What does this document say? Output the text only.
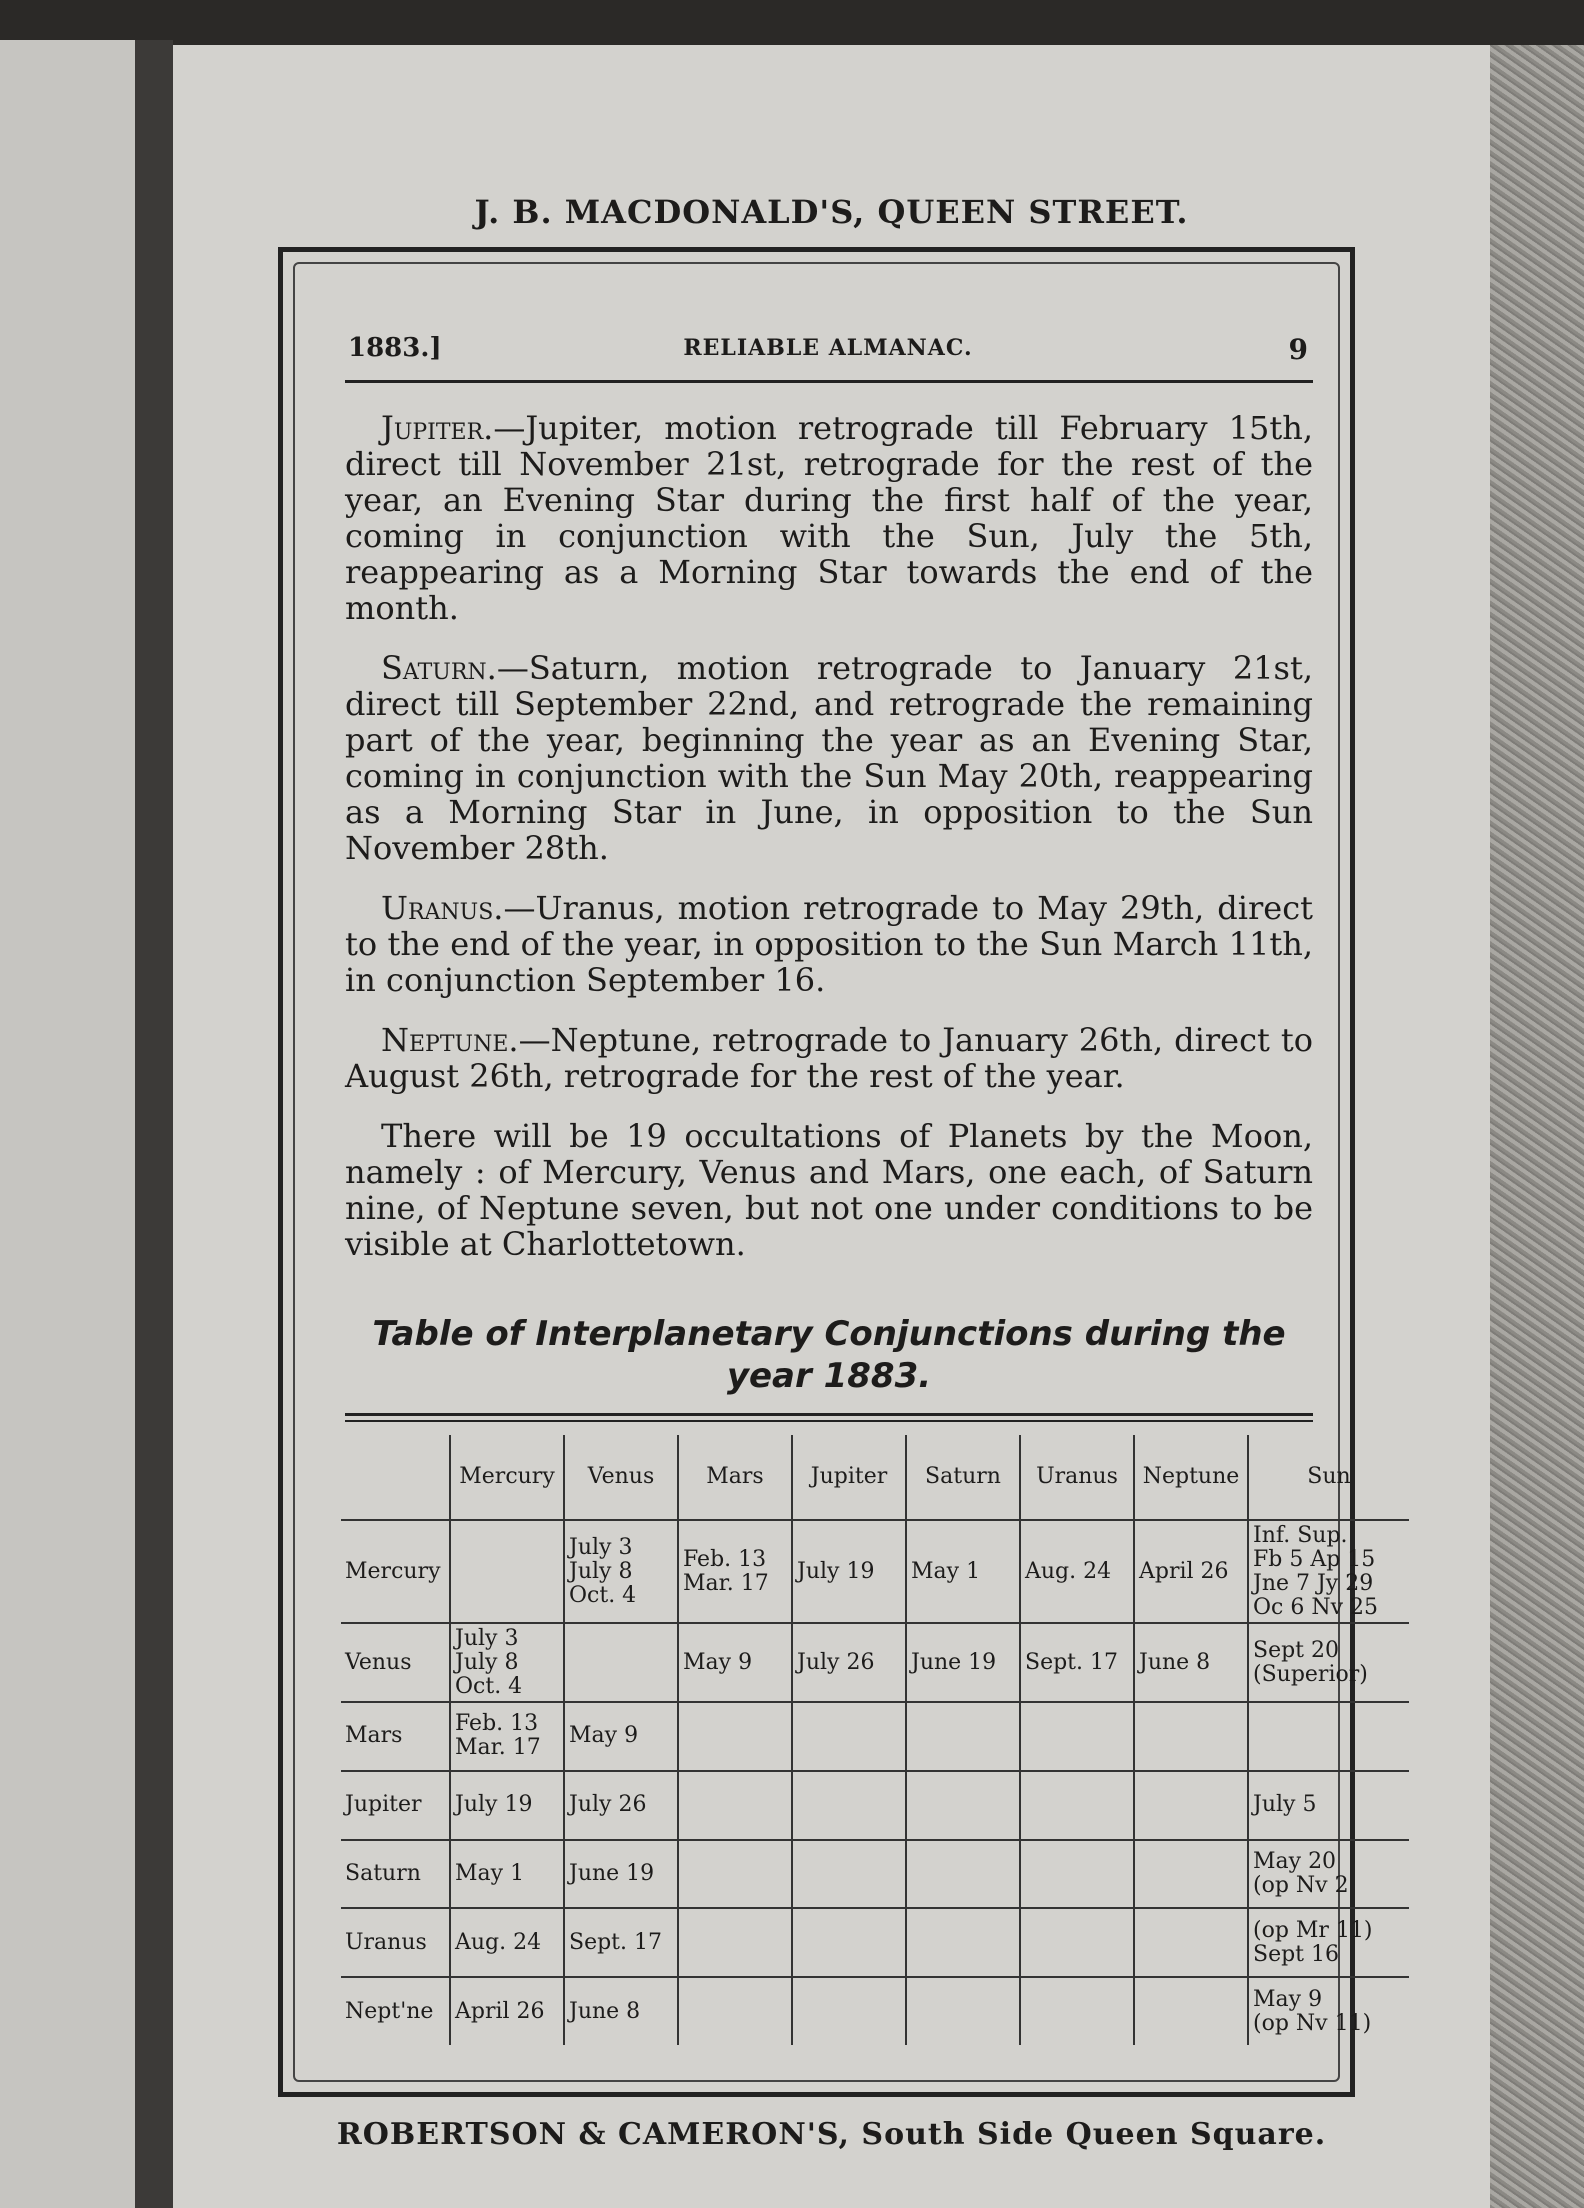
J. B. MACDONALD'S, QUEEN STREET.
1883.]	RELIABLE ALMANAC.	9

Jupiter.—Jupiter, motion retrograde till February 15th, direct till November 21st, retrograde for the rest of the year, an Evening Star during the first half of the year, coming in conjunction with the Sun, July the 5th, reappearing as a Morning Star towards the end of the month.

Saturn.—Saturn, motion retrograde to January 21st, direct till September 22nd, and retrograde the remaining part of the year, beginning the year as an Evening Star, coming in conjunction with the Sun May 20th, reappearing as a Morning Star in June, in opposition to the Sun November 28th.

Uranus.—Uranus, motion retrograde to May 29th, direct to the end of the year, in opposition to the Sun March 11th, in conjunction September 16.

Neptune.—Neptune, retrograde to January 26th, direct to August 26th, retrograde for the rest of the year.

There will be 19 occultations of Planets by the Moon, namely : of Mercury, Venus and Mars, one each, of Saturn nine, of Neptune seven, but not one under conditions to be visible at Charlottetown.

Table of Interplanetary Conjunctions during the year 1883.
	Mercury	Venus	Mars	Jupiter	Saturn	Uranus	Neptune	Sun
Mercury		July 3
July 8
Oct. 4	Feb. 13
Mar. 17	July 19	May 1	Aug. 24	April 26	Inf. Sup.
Fb 5 Ap 15
Jne 7 Jy 29
Oc 6 Nv 25

Venus	July 3
July 8
Oct. 4		May 9	July 26	June 19	Sept. 17	June 8	Sept 20
(Superior)

Mars	Feb. 13
Mar. 17	May 9						

Jupiter	July 19	July 26						July 5

Saturn	May 1	June 19						May 20
(op Nv 2

Uranus	Aug. 24	Sept. 17						(op Mr 11)
Sept 16

Nept'ne	April 26	June 8						May 9
(op Nv 11)
ROBERTSON & CAMERON'S, South Side Queen Square.
